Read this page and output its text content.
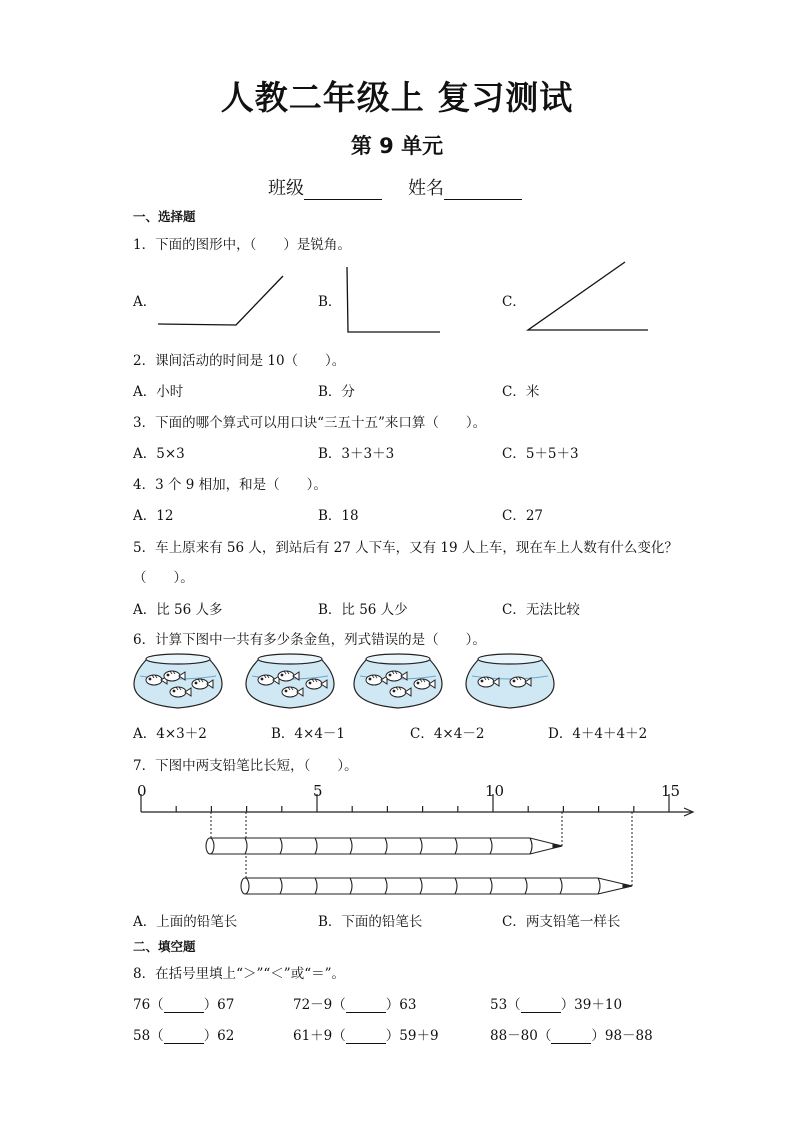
人教二年级上 复习测试
第 9 单元
班级	姓名
一、选择题
1．下面的图形中，（　　）是锐角。
A．	B．	C．
2．课间活动的时间是 10（　　）。
A．小时	B．分	C．米
3．下面的哪个算式可以用口诀“三五十五”来口算（　　）。
A．5×3	B．3＋3＋3	C．5＋5＋3
4．3 个 9 相加，和是（　　）。
A．12	B．18	C．27
5．车上原来有 56 人，到站后有 27 人下车，又有 19 人上车，现在车上人数有什么变化？
（　　）。
A．比 56 人多	B．比 56 人少	C．无法比较
6．计算下图中一共有多少条金鱼，列式错误的是（　　）。
A．4×3＋2	B．4×4－1	C．4×4－2	D．4＋4＋4＋2
7．下图中两支铅笔比长短，（　　）。
0	5	10	15
A．上面的铅笔长	B．下面的铅笔长	C．两支铅笔一样长
二、填空题
8．在括号里填上“＞”“＜”或“＝”。
76（	）67	72－9（	）63	53（	）39＋10
58（	）62	61＋9（	）59＋9	88－80（	）98－88
